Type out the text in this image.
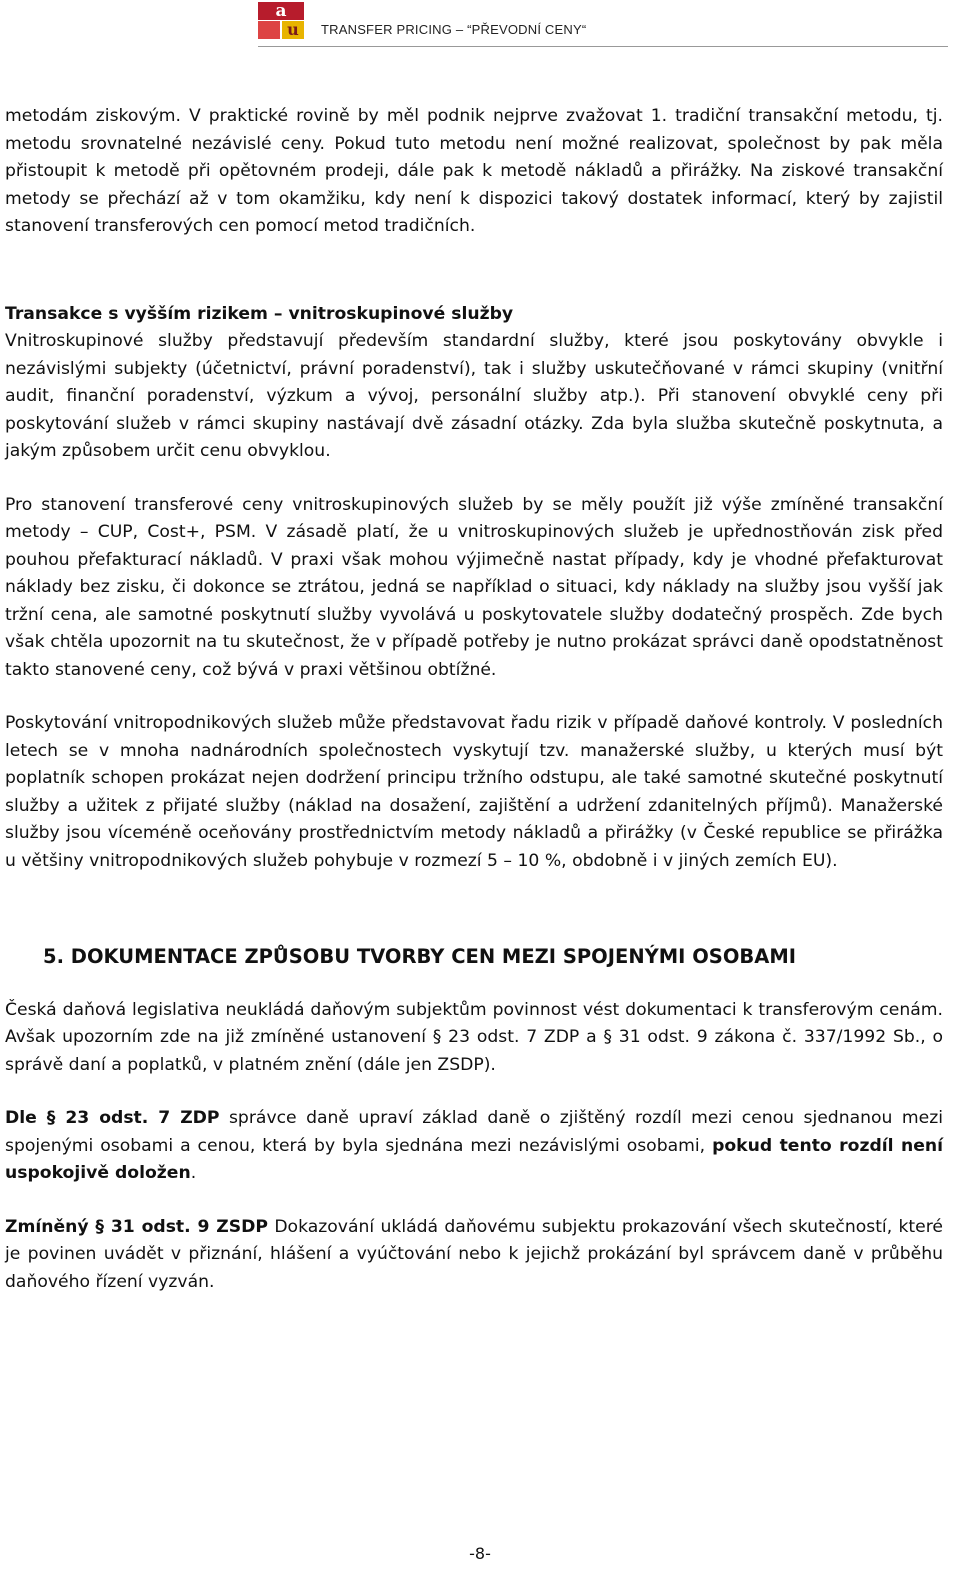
a
u	TRANSFER PRICING – “PŘEVODNÍ CENY“

metodám ziskovým. V praktické rovině by měl podnik nejprve zvažovat 1. tradiční transakční metodu, tj. metodu srovnatelné nezávislé ceny. Pokud tuto metodu není možné realizovat, společnost by pak měla přistoupit k metodě při opětovném prodeji, dále pak k metodě nákladů a přirážky. Na ziskové transakční metody se přechází až v tom okamžiku, kdy není k dispozici takový dostatek informací, který by zajistil stanovení transferových cen pomocí metod tradičních.

Transakce s vyšším rizikem – vnitroskupinové služby

Vnitroskupinové služby představují především standardní služby, které jsou poskytovány obvykle i nezávislými subjekty (účetnictví, právní poradenství), tak i služby uskutečňované v rámci skupiny (vnitřní audit, finanční poradenství, výzkum a vývoj, personální služby atp.). Při stanovení obvyklé ceny při poskytování služeb v rámci skupiny nastávají dvě zásadní otázky. Zda byla služba skutečně poskytnuta, a jakým způsobem určit cenu obvyklou.

Pro stanovení transferové ceny vnitroskupinových služeb by se měly použít již výše zmíněné transakční metody – CUP, Cost+, PSM. V zásadě platí, že u vnitroskupinových služeb je upřednostňován zisk před pouhou přefakturací nákladů. V praxi však mohou výjimečně nastat případy, kdy je vhodné přefakturovat náklady bez zisku, či dokonce se ztrátou, jedná se například o situaci, kdy náklady na služby jsou vyšší jak tržní cena, ale samotné poskytnutí služby vyvolává u poskytovatele služby dodatečný prospěch. Zde bych však chtěla upozornit na tu skutečnost, že v případě potřeby je nutno prokázat správci daně opodstatněnost takto stanovené ceny, což bývá v praxi většinou obtížné.

Poskytování vnitropodnikových služeb může představovat řadu rizik v případě daňové kontroly. V posledních letech se v mnoha nadnárodních společnostech vyskytují tzv. manažerské služby, u kterých musí být poplatník schopen prokázat nejen dodržení principu tržního odstupu, ale také samotné skutečné poskytnutí služby a užitek z přijaté služby (náklad na dosažení, zajištění a udržení zdanitelných příjmů). Manažerské služby jsou víceméně oceňovány prostřednictvím metody nákladů a přirážky (v České republice se přirážka u většiny vnitropodnikových služeb pohybuje v rozmezí 5 – 10 %, obdobně i v jiných zemích EU).

5. DOKUMENTACE ZPŮSOBU TVORBY CEN MEZI SPOJENÝMI OSOBAMI

Česká daňová legislativa neukládá daňovým subjektům povinnost vést dokumentaci k transferovým cenám. Avšak upozorním zde na již zmíněné ustanovení § 23 odst. 7 ZDP a § 31 odst. 9 zákona č. 337/1992 Sb., o správě daní a poplatků, v platném znění (dále jen ZSDP).

Dle § 23 odst. 7 ZDP správce daně upraví základ daně o zjištěný rozdíl mezi cenou sjednanou mezi spojenými osobami a cenou, která by byla sjednána mezi nezávislými osobami, pokud tento rozdíl není uspokojivě doložen.

Zmíněný § 31 odst. 9 ZSDP Dokazování ukládá daňovému subjektu prokazování všech skutečností, které je povinen uvádět v přiznání, hlášení a vyúčtování nebo k jejichž prokázání byl správcem daně v průběhu daňového řízení vyzván.

-8-
